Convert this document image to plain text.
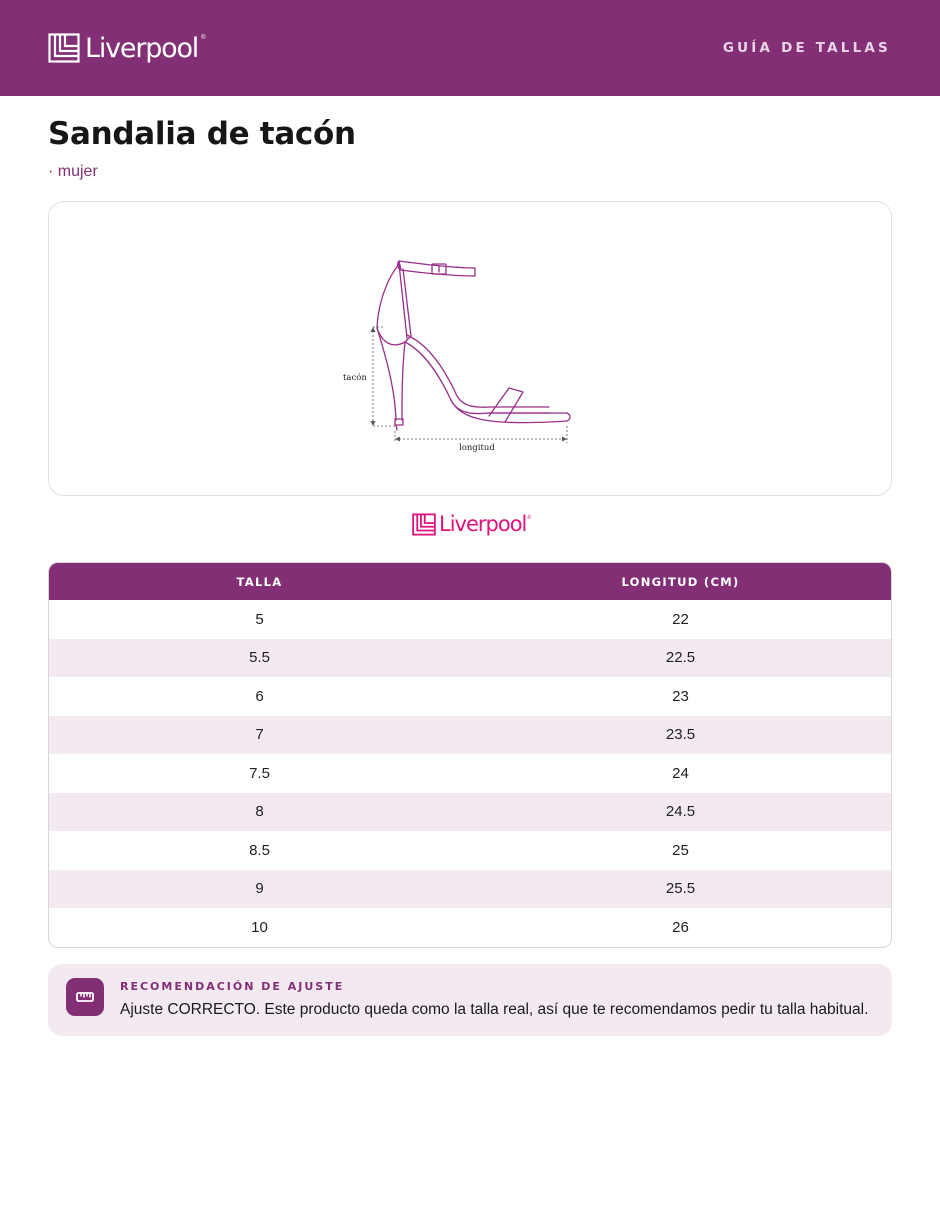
Liverpool ®
GUÍA DE TALLAS
Sandalia de tacón
· mujer
tacón
longitud
Liverpool ®
TALLA	LONGITUD (CM)
5	22
5.5	22.5
6	23
7	23.5
7.5	24
8	24.5
8.5	25
9	25.5
10	26
RECOMENDACIÓN DE AJUSTE
Ajuste CORRECTO. Este producto queda como la talla real, así que te recomendamos pedir tu talla habitual.
